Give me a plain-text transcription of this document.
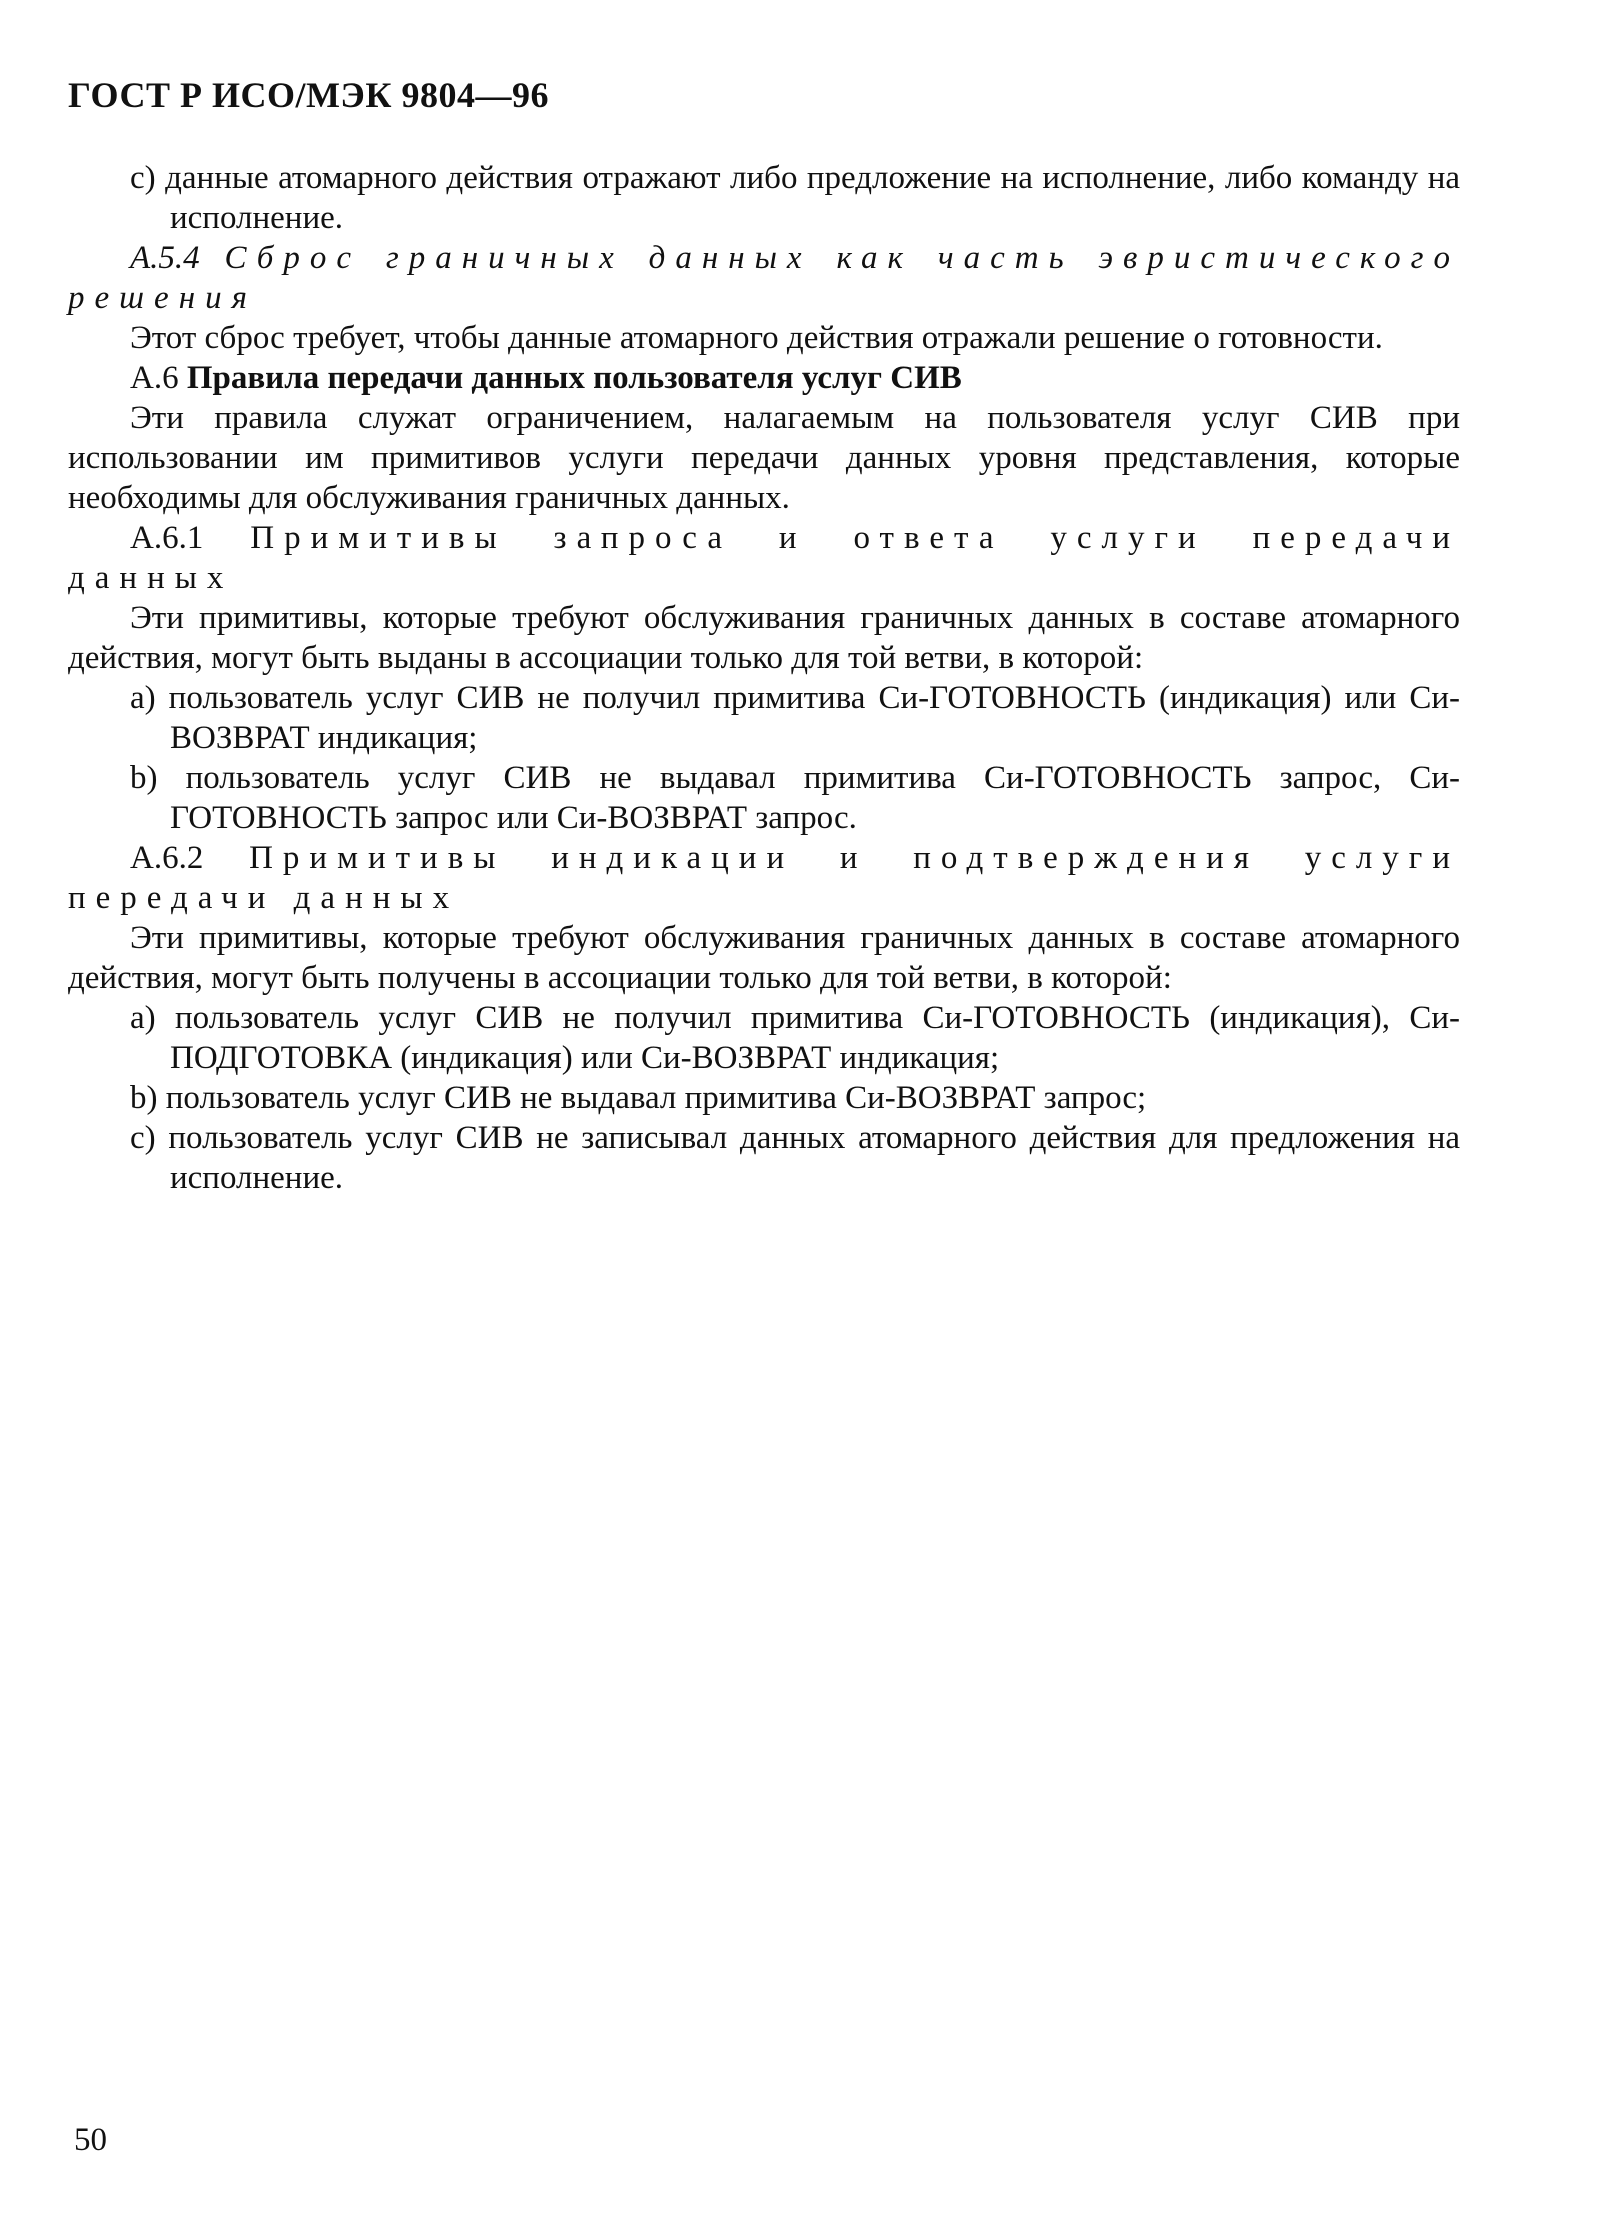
ГОСТ Р ИСО/МЭК 9804—96

с) данные атомарного действия отражают либо предложение на исполнение, либо команду на исполнение.

А.5.4 Сброс граничных данных как часть эвристического решения

Этот сброс требует, чтобы данные атомарного действия отражали решение о готовности.

А.6 Правила передачи данных пользователя услуг СИВ

Эти правила служат ограничением, налагаемым на пользователя услуг СИВ при использовании им примитивов услуги передачи данных уровня представления, которые необходимы для обслуживания граничных данных.

А.6.1 Примитивы запроса и ответа услуги передачи данных

Эти примитивы, которые требуют обслуживания граничных данных в составе атомарного действия, могут быть выданы в ассоциации только для той ветви, в которой:

а) пользователь услуг СИВ не получил примитива Си-ГОТОВНОСТЬ (индикация) или Си-ВОЗВРАТ индикация;

b) пользователь услуг СИВ не выдавал примитива Си-ГОТОВНОСТЬ запрос, Си-ГОТОВНОСТЬ запрос или Си-ВОЗВРАТ запрос.

А.6.2 Примитивы индикации и подтверждения услуги передачи данных

Эти примитивы, которые требуют обслуживания граничных данных в составе атомарного действия, могут быть получены в ассоциации только для той ветви, в которой:

а) пользователь услуг СИВ не получил примитива Си-ГОТОВНОСТЬ (индикация), Си-ПОДГОТОВКА (индикация) или Си-ВОЗВРАТ индикация;

b) пользователь услуг СИВ не выдавал примитива Си-ВОЗВРАТ запрос;

с) пользователь услуг СИВ не записывал данных атомарного действия для предложения на исполнение.

50
